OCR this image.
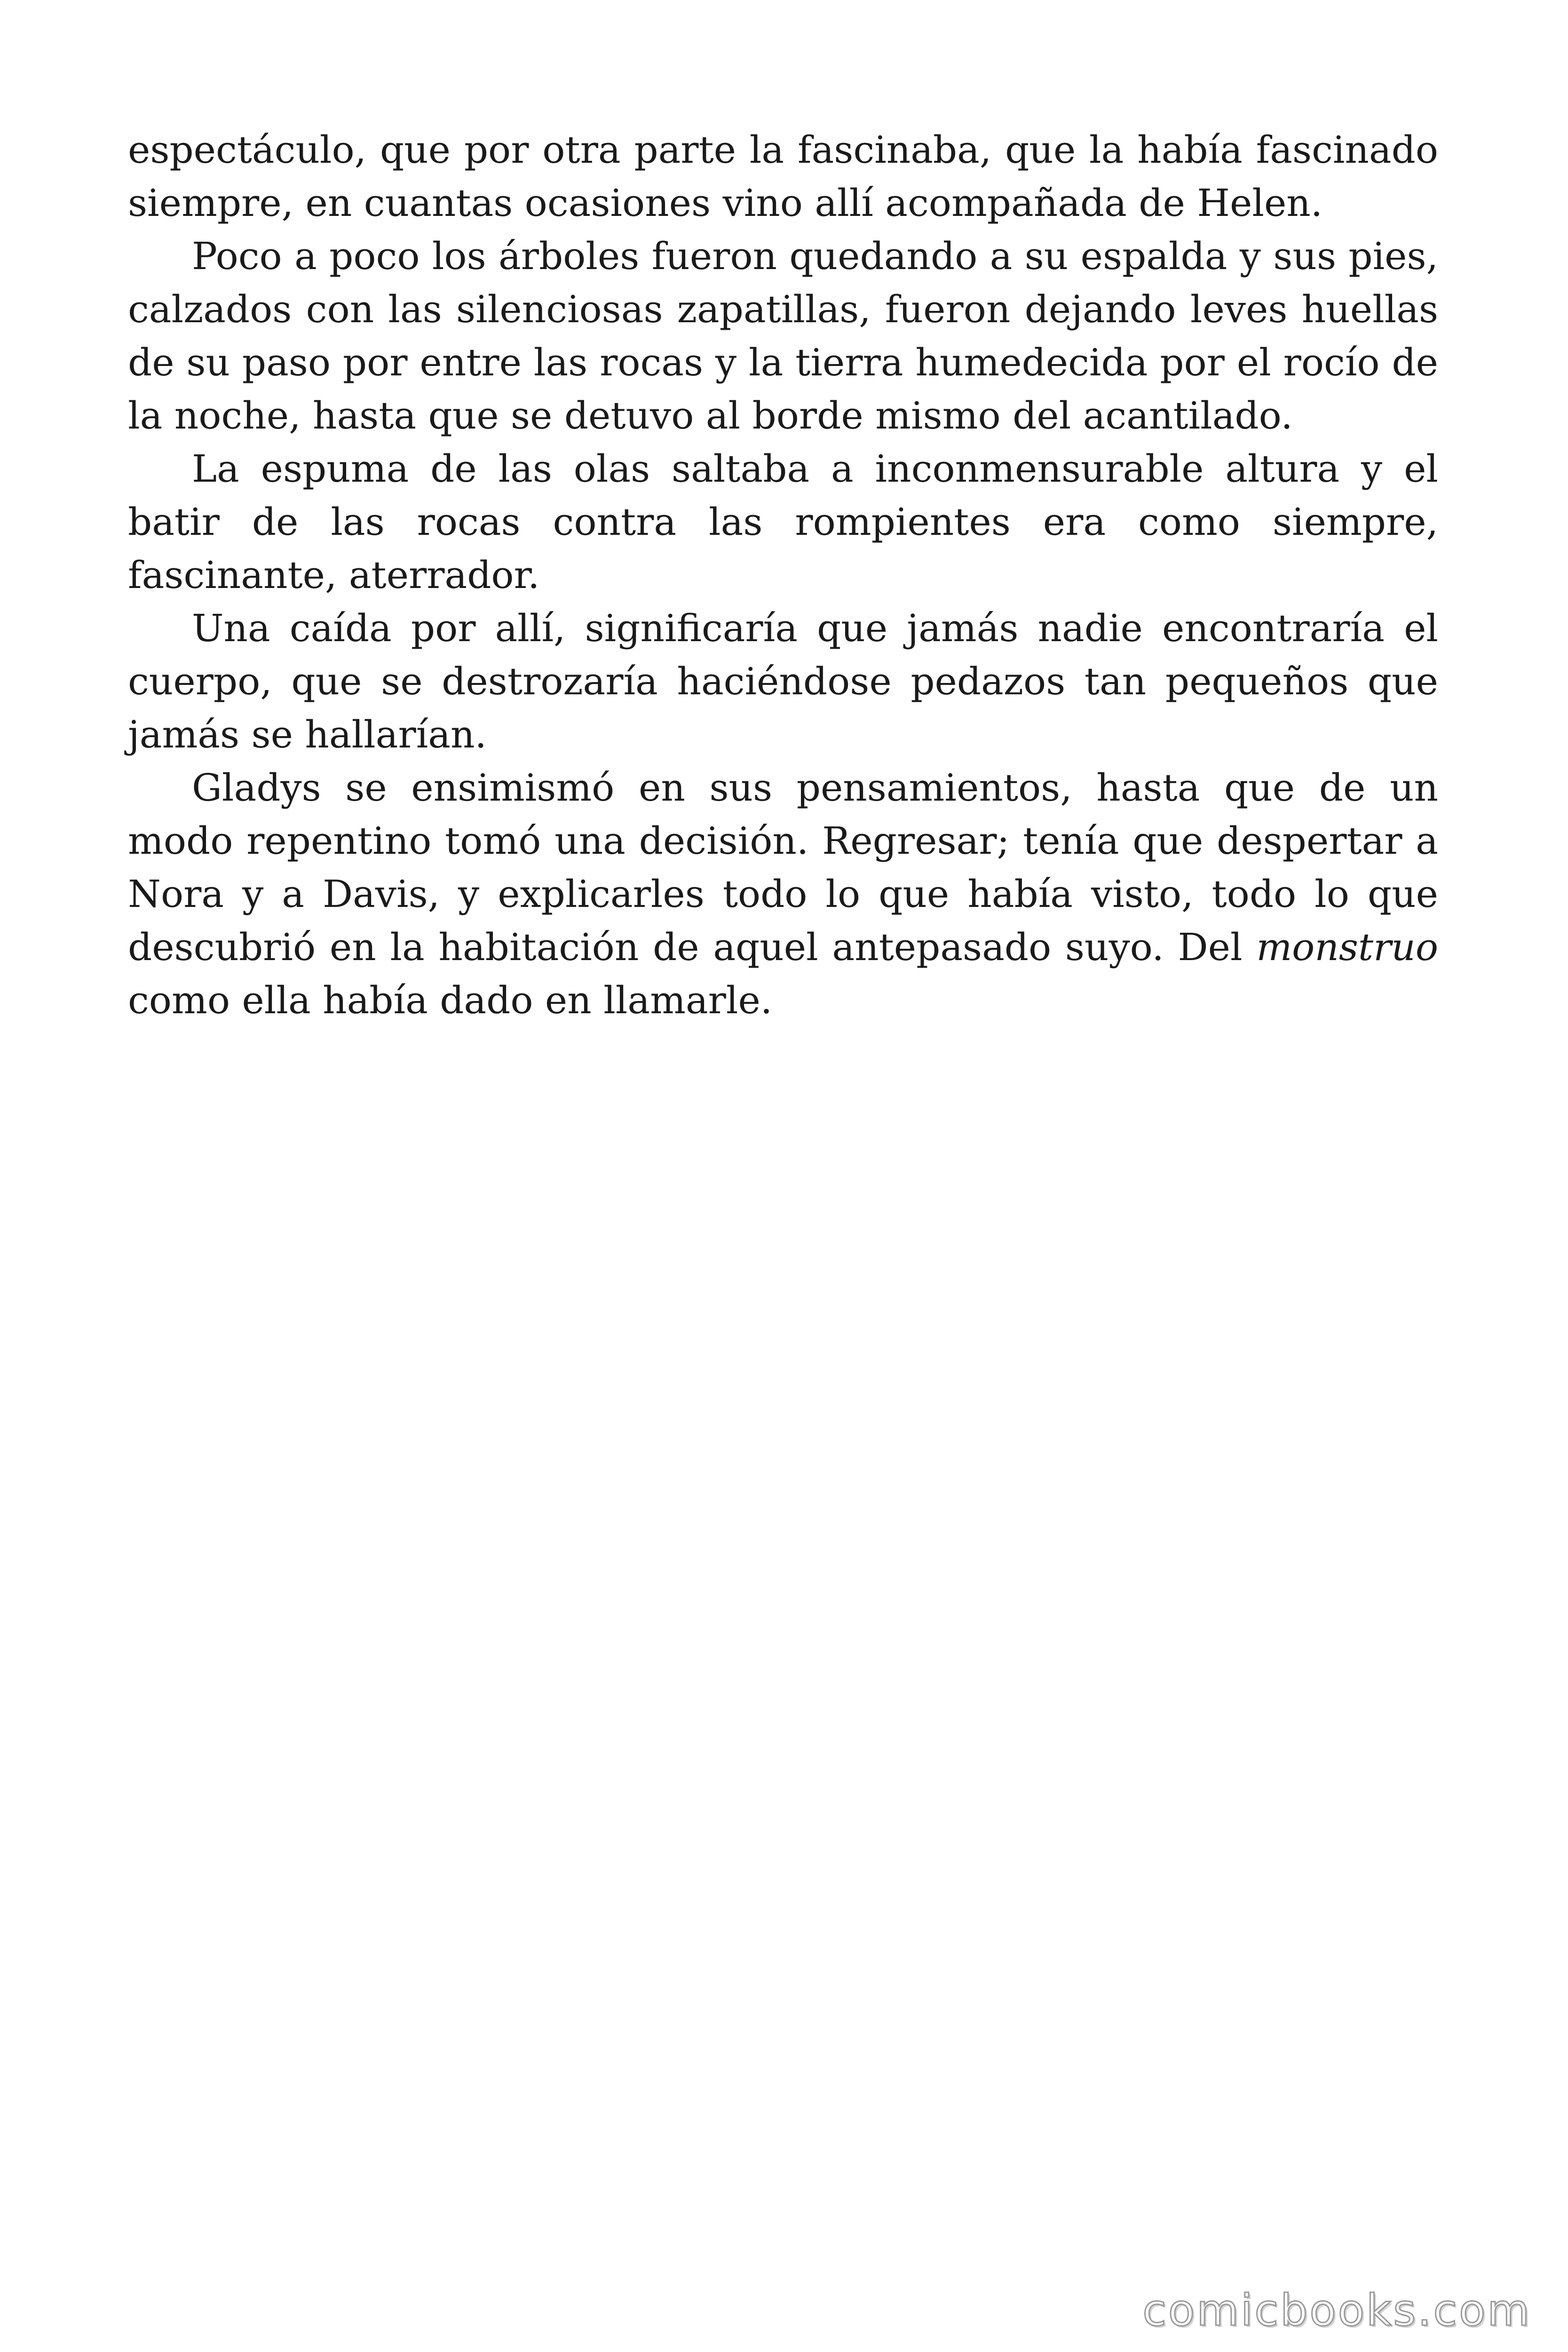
espectáculo, que por otra parte la fascinaba, que la había fascinado siempre, en cuantas ocasiones vino allí acompañada de Helen.

Poco a poco los árboles fueron quedando a su espalda y sus pies, calzados con las silenciosas zapatillas, fueron dejando leves huellas de su paso por entre las rocas y la tierra humedecida por el rocío de la noche, hasta que se detuvo al borde mismo del acantilado.

La espuma de las olas saltaba a inconmensurable altura y el batir de las rocas contra las rompientes era como siempre, fascinante, aterrador.

Una caída por allí, significaría que jamás nadie encontraría el cuerpo, que se destrozaría haciéndose pedazos tan pequeños que jamás se hallarían.

Gladys se ensimismó en sus pensamientos, hasta que de un modo repentino tomó una decisión. Regresar; tenía que despertar a Nora y a Davis, y explicarles todo lo que había visto, todo lo que descubrió en la habitación de aquel antepasado suyo. Del monstruo como ella había dado en llamarle.

comicbooks.com
